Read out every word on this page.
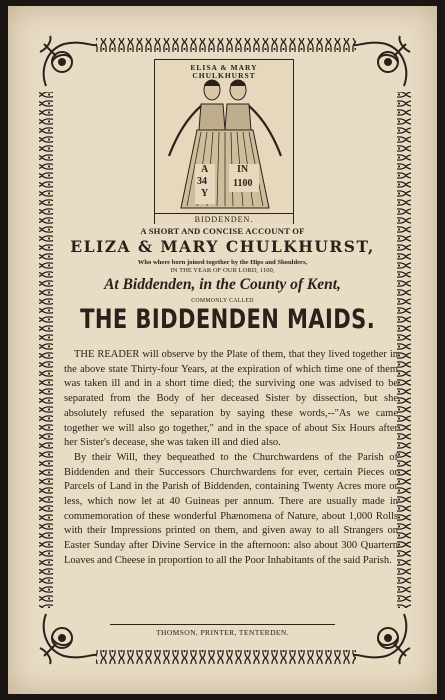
ELISA & MARY
CHULKHURST
A
34
Y
IN
1100
BIDDENDEN.
A SHORT AND CONCISE ACCOUNT OF
ELIZA & MARY CHULKHURST,
Who where born joined together by the Hips and Shoulders,
IN THE YEAR OF OUR LORD, 1100,
At Biddenden, in the County of Kent,
COMMONLY CALLED
THE BIDDENDEN MAIDS.

THE READER will observe by the Plate of them, that they lived together in the above state Thirty-four Years, at the expiration of which time one of them was taken ill and in a short time died; the surviving one was advised to be separated from the Body of her deceased Sister by dissection, but she absolutely refused the separation by saying these words,--"As we came together we will also go together," and in the space of about Six Hours after her Sister's decease, she was taken ill and died also.

By their Will, they bequeathed to the Churchwardens of the Parish of Biddenden and their Successors Churchwardens for ever, certain Pieces or Parcels of Land in the Parish of Biddenden, containing Twenty Acres more or less, which now let at 40 Guineas per annum. There are usually made in commemoration of these wonderful Phænomena of Nature, about 1,000 Rolls with their Impressions printed on them, and given away to all Strangers on Easter Sunday after Divine Service in the afternoon: also about 300 Quartern Loaves and Cheese in proportion to all the Poor Inhabitants of the said Parish.

THOMSON, PRINTER, TENTERDEN.
